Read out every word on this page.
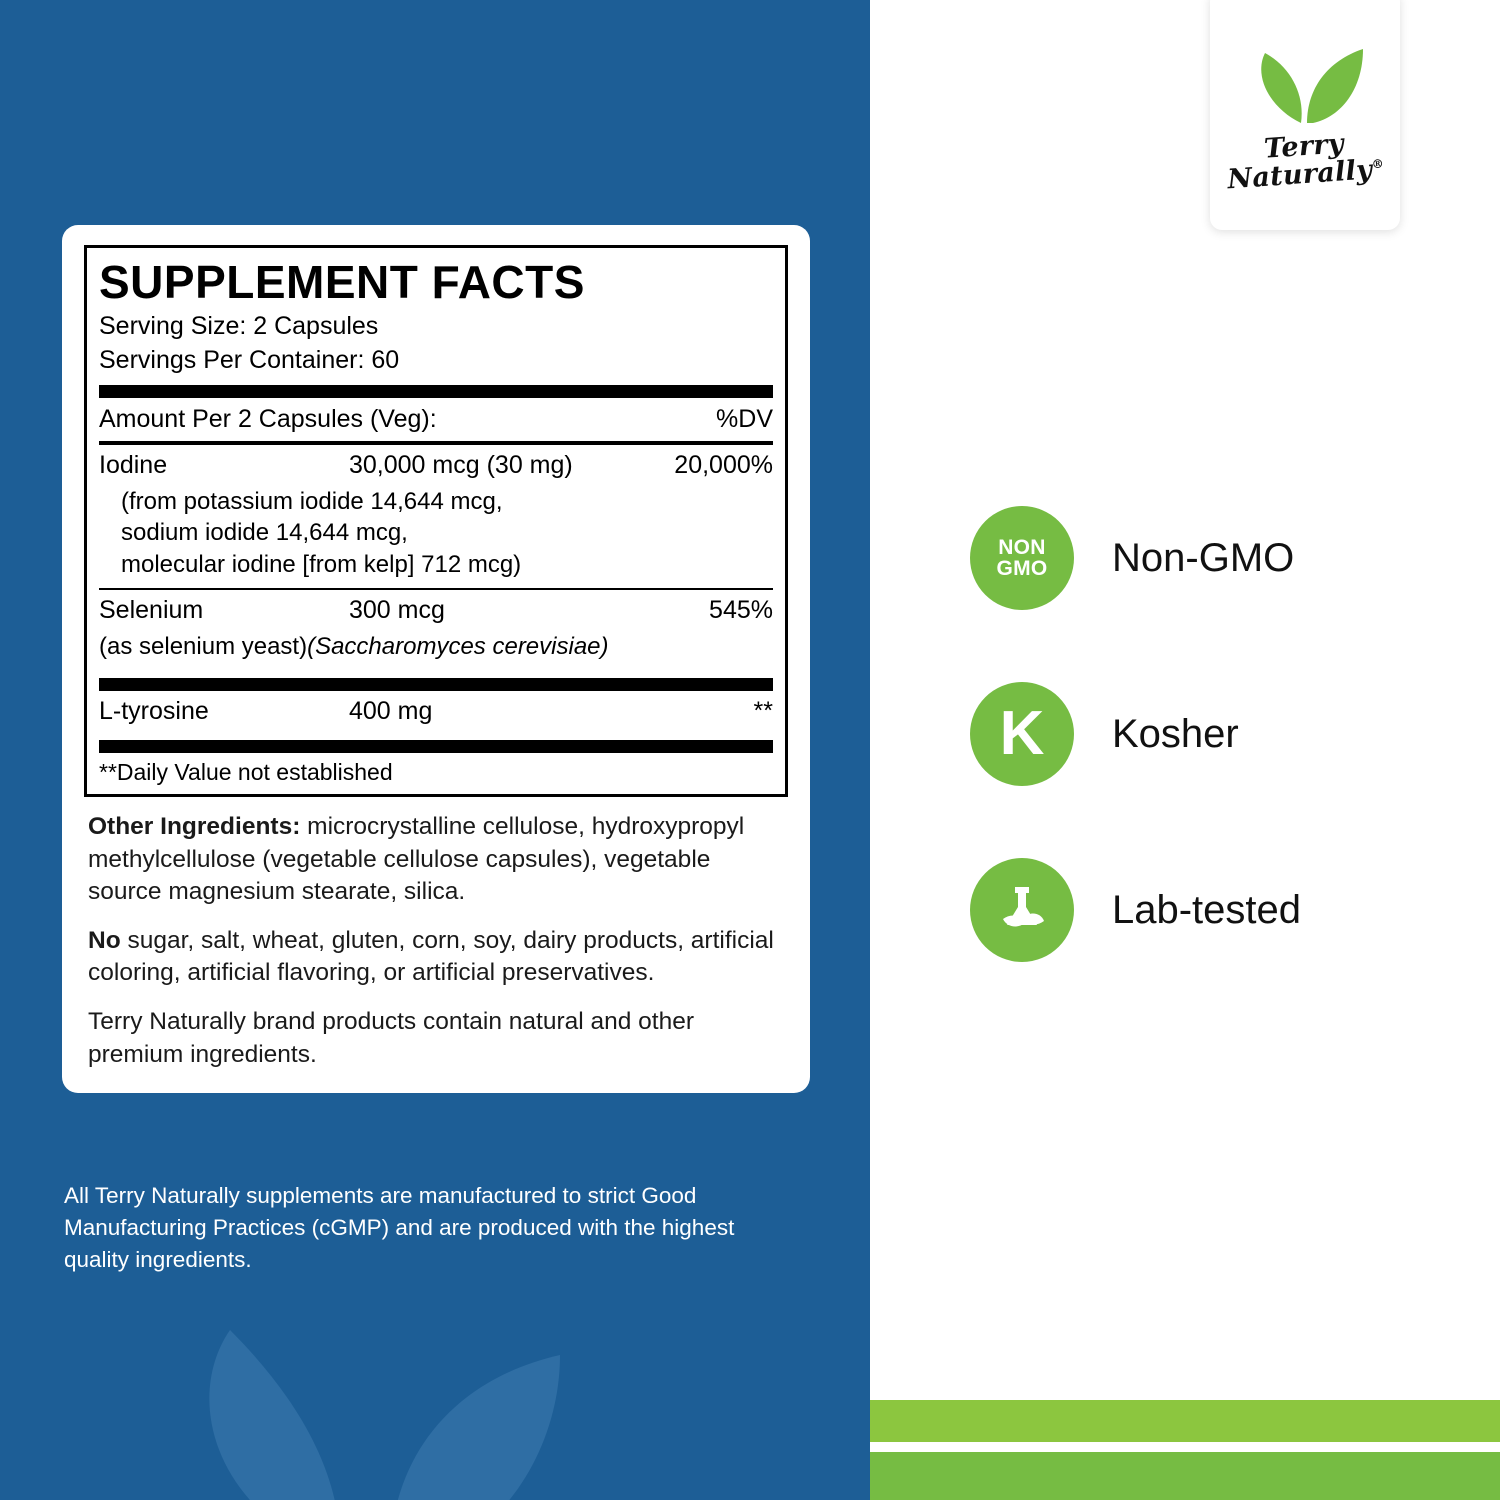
SUPPLEMENT FACTS
Serving Size: 2 Capsules
Servings Per Container: 60
Amount Per 2 Capsules (Veg):	%DV
Iodine	30,000 mcg (30 mg)	20,000%
(from potassium iodide 14,644 mcg,
sodium iodide 14,644 mcg,
molecular iodine [from kelp] 712 mcg)
Selenium	300 mcg	545%
(as selenium yeast)(Saccharomyces cerevisiae)
L-tyrosine	400 mg	**
**Daily Value not established

Other Ingredients: microcrystalline cellulose, hydroxypropyl methylcellulose (vegetable cellulose capsules), vegetable source magnesium stearate, silica.

No sugar, salt, wheat, gluten, corn, soy, dairy products, artificial coloring, artificial flavoring, or artificial preservatives.

Terry Naturally brand products contain natural and other premium ingredients.

All Terry Naturally supplements are manufactured to strict Good Manufacturing Practices (cGMP) and are produced with the highest quality ingredients.
Terry
Naturally®
NON
GMO Non-GMO
K Kosher
Lab-tested
